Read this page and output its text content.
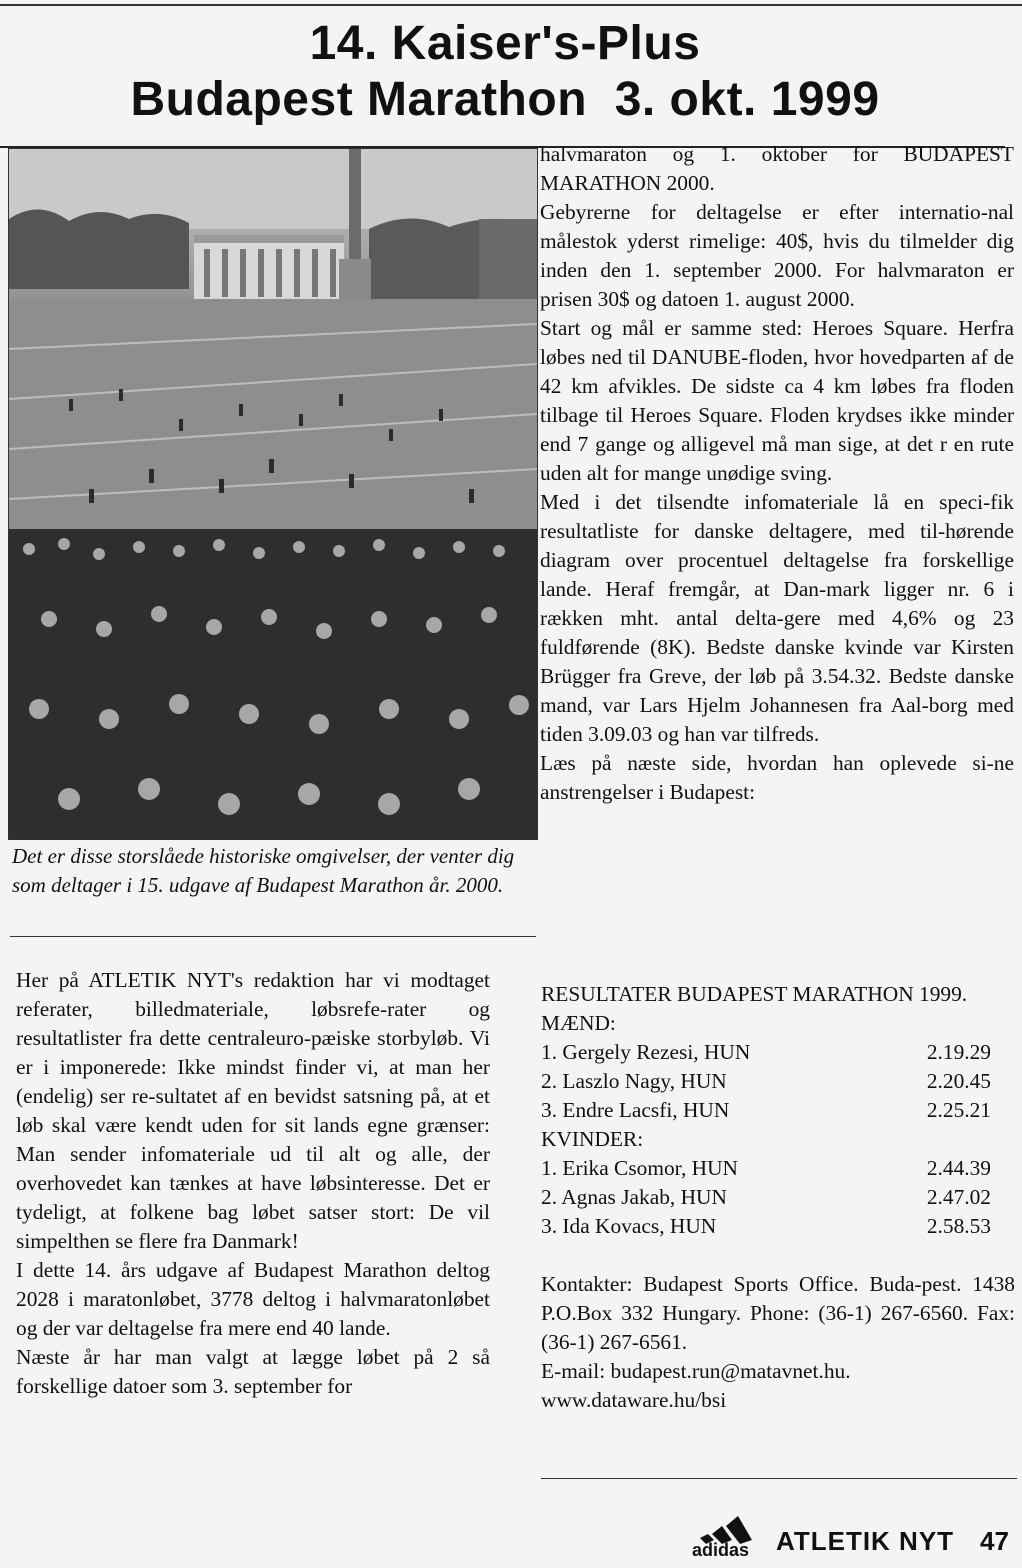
14. Kaiser's-Plus
Budapest Marathon  3. okt. 1999

Det er disse storslåede historiske omgivelser, der venter dig som deltager i 15. udgave af Budapest Marathon år. 2000.

halvmaraton og 1. oktober for BUDAPEST MARATHON 2000.

Gebyrerne for deltagelse er efter internatio-nal målestok yderst rimelige: 40$, hvis du tilmelder dig inden den 1. september 2000. For halvmaraton er prisen 30$ og datoen 1. august 2000.

Start og mål er samme sted: Heroes Square. Herfra løbes ned til DANUBE-floden, hvor hovedparten af de 42 km afvikles. De sidste ca 4 km løbes fra floden tilbage til Heroes Square. Floden krydses ikke minder end 7 gange og alligevel må man sige, at det r en rute uden alt for mange unødige sving.

Med i det tilsendte infomateriale lå en speci-fik resultatliste for danske deltagere, med til-hørende diagram over procentuel deltagelse fra forskellige lande. Heraf fremgår, at Dan-mark ligger nr. 6 i rækken mht. antal delta-gere med 4,6% og 23 fuldførende (8K). Bedste danske kvinde var Kirsten Brügger fra Greve, der løb på 3.54.32. Bedste danske mand, var Lars Hjelm Johannesen fra Aal-borg med tiden 3.09.03 og han var tilfreds.

Læs på næste side, hvordan han oplevede si-ne anstrengelser i Budapest:

Her på ATLETIK NYT's redaktion har vi modtaget referater, billedmateriale, løbsrefe-rater og resultatlister fra dette centraleuro-pæiske storbyløb. Vi er i imponerede: Ikke mindst finder vi, at man her (endelig) ser re-sultatet af en bevidst satsning på, at et løb skal være kendt uden for sit lands egne grænser: Man sender infomateriale ud til alt og alle, der overhovedet kan tænkes at have løbsinteresse. Det er tydeligt, at folkene bag løbet satser stort: De vil simpelthen se flere fra Danmark!

I dette 14. års udgave af Budapest Marathon deltog 2028 i maratonløbet, 3778 deltog i halvmaratonløbet og der var deltagelse fra mere end 40 lande.

Næste år har man valgt at lægge løbet på 2 så forskellige datoer som 3. september for

RESULTATER BUDAPEST MARATHON 1999. MÆND:

1. Gergely Rezesi, HUN	2.19.29
2. Laszlo Nagy, HUN	2.20.45
3. Endre Lacsfi, HUN	2.25.21

KVINDER:

1. Erika Csomor, HUN	2.44.39
2. Agnas Jakab, HUN	2.47.02
3. Ida Kovacs, HUN	2.58.53

Kontakter: Budapest Sports Office. Buda-pest. 1438 P.O.Box 332 Hungary. Phone: (36-1) 267-6560. Fax: (36-1) 267-6561.

E-mail: budapest.run@matavnet.hu.

www.dataware.hu/bsi

adidas ATLETIK NYT 47
